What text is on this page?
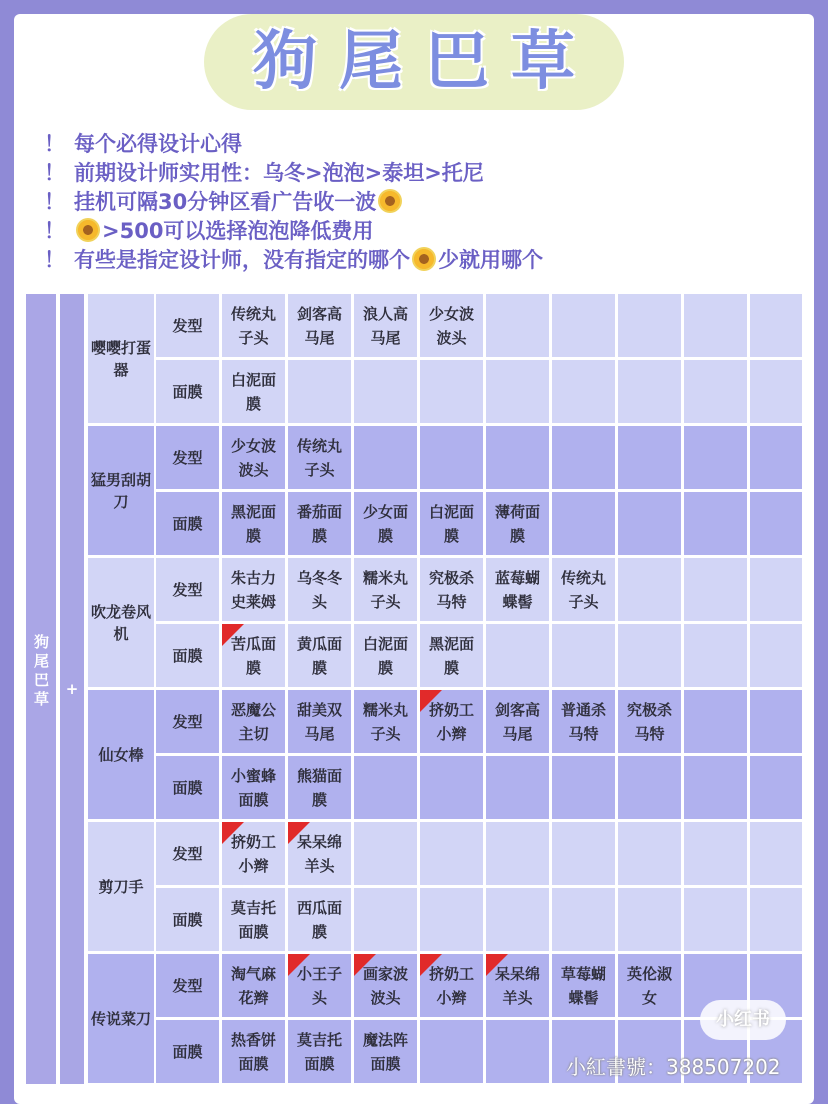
狗尾巴草
！ 每个必得设计心得
！ 前期设计师实用性：乌冬>泡泡>泰坦>托尼
！ 挂机可隔30分钟区看广告收一波
！ >500可以选择泡泡降低费用
！ 有些是指定设计师，没有指定的哪个 少就用哪个
狗尾巴草	+
嘤嘤打蛋器
发型
传统丸子头
剑客高马尾
浪人高马尾
少女波波头
面膜
白泥面膜
猛男刮胡刀
发型
少女波波头
传统丸子头
面膜
黑泥面膜
番茄面膜
少女面膜
白泥面膜
薄荷面膜
吹龙卷风机
发型
朱古力史莱姆
乌冬冬头
糯米丸子头
究极杀马特
蓝莓蝴蝶髻
传统丸子头
面膜
苦瓜面膜
黄瓜面膜
白泥面膜
黑泥面膜
仙女棒
发型
恶魔公主切
甜美双马尾
糯米丸子头
挤奶工小辫
剑客高马尾
普通杀马特
究极杀马特
面膜
小蜜蜂面膜
熊猫面膜
剪刀手
发型
挤奶工小辫
呆呆绵羊头
面膜
莫吉托面膜
西瓜面膜
传说菜刀
发型
淘气麻花辫
小王子头
画家波波头
挤奶工小辫
呆呆绵羊头
草莓蝴蝶髻
英伦淑女
面膜
热香饼面膜
莫吉托面膜
魔法阵面膜
小红书
小紅書號：388507202
